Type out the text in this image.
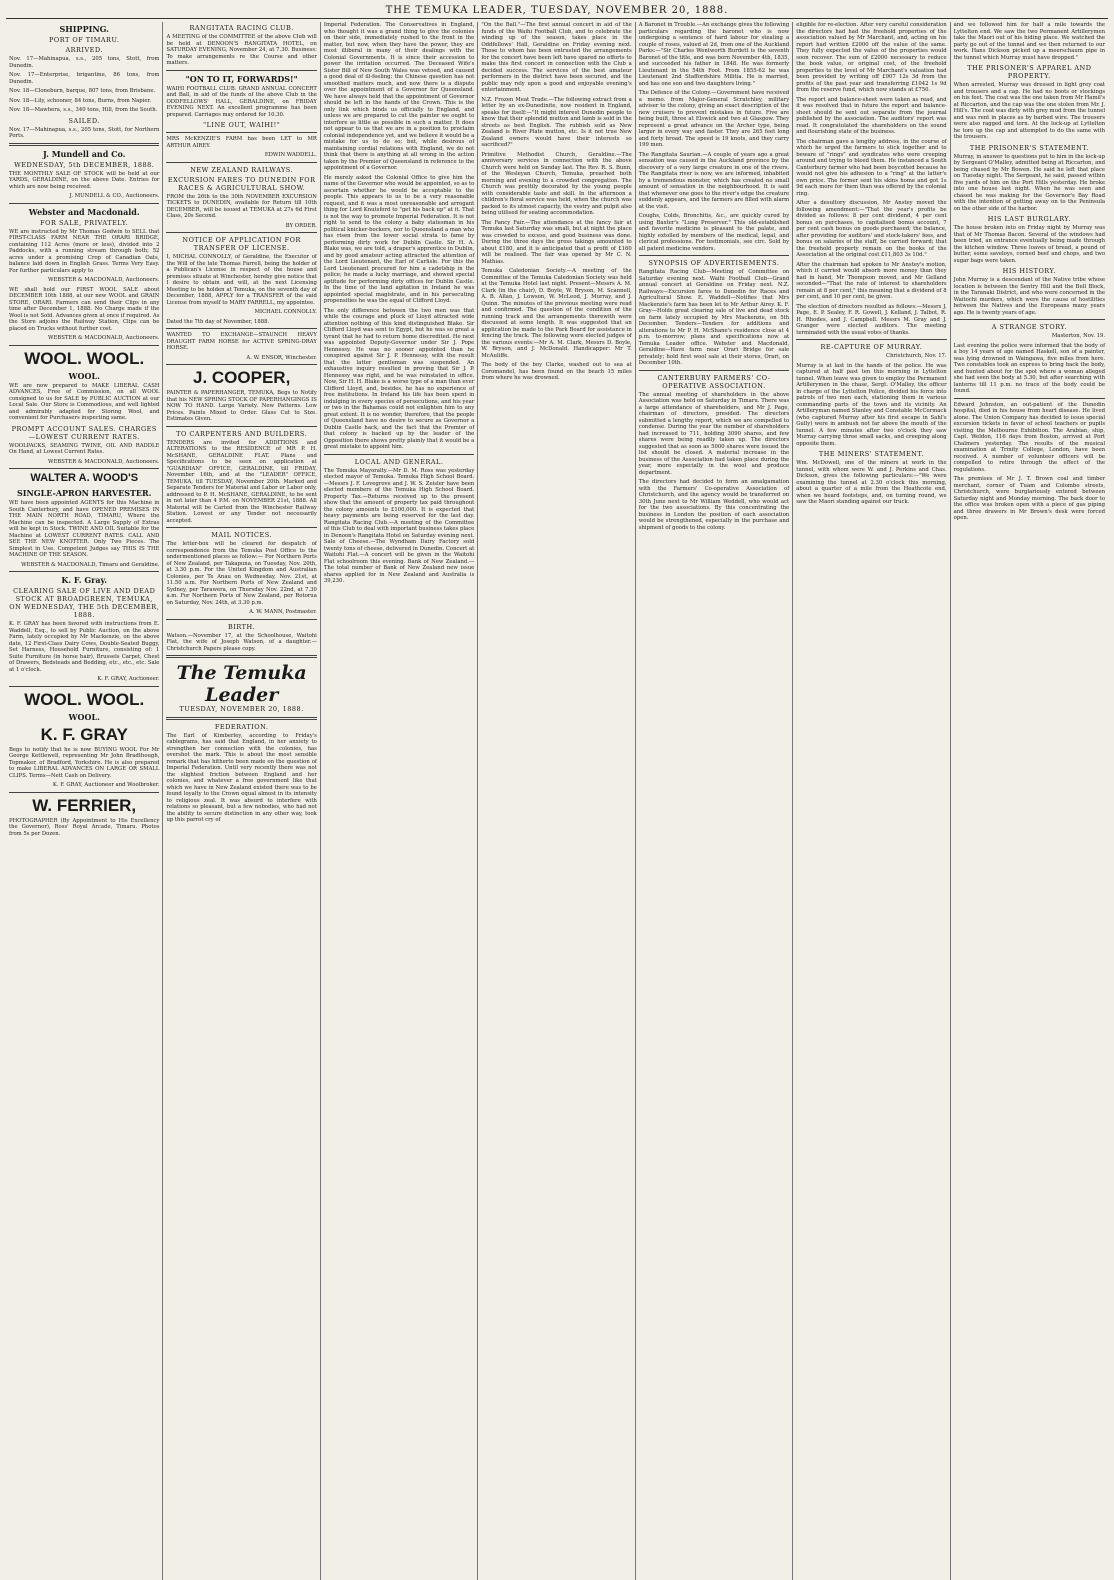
THE TEMUKA LEADER, TUESDAY, NOVEMBER 20, 1888.
SHIPPING.
PORT OF TIMARU.
ARRIVED.
Nov. 17—Mahinapua, s.s., 205 tons, Stott, from Dunedin.
Nov. 17—Enterprise, brigantine, 86 tons, from Dunedin.
Nov. 18—Cloneburn, barque, 807 tons, from Brisbane.
Nov. 18—Lily, schooner, 84 tons, Burns, from Napier.
Nov. 18—Mawhera, s.s., 340 tons, Hill, from the South.
SAILED.
Nov. 17—Mahinapua, s.s., 205 tons, Stott, for Northern Ports.
J. Mundell and Co.
WEDNESDAY, 5th DECEMBER, 1888.
THE MONTHLY SALE OF STOCK will be held at our YARDS, GERALDINE, on the above Date. Entries for which are now being received.
J. MUNDELL & CO., Auctioneers.
Webster and Macdonald.
FOR SALE, PRIVATELY.
WE are instructed by Mr Thomas Godwin to SELL that FIRST-CLASS FARM NEAR THE ORARI BRIDGE, containing 112 Acres (more or less), divided into 2 Paddocks, with a running stream through both; 52 acres under a promising Crop of Canadian Oats, balance laid down in English Grass. Terms Very Easy. For further particulars apply to
WEBSTER & MACDONALD, Auctioneers.
WE shall hold our FIRST WOOL SALE about DECEMBER 10th 1888, at our new WOOL and GRAIN STORE, ORARI. Farmers can send their Clips in any time after December 1, 1888. No Charge made if the Wool is not Sold. Advances given at once if required. As the Store adjoins the Railway Station, Clips can be placed on Trucks without further cost.
WEBSTER & MACDONALD, Auctioneers.
WOOL. WOOL.
WOOL.
WE are now prepared to MAKE LIBERAL CASH ADVANCES, Free of Commission, on all WOOL consigned to us for SALE by PUBLIC AUCTION at our Local Sale. Our Store is Commodious, and well lighted and admirably adapted for Storing Wool, and convenient for Purchasers inspecting same.
PROMPT ACCOUNT SALES. CHARGES—LOWEST CURRENT RATES.
WOOLPACKS, SEAMING TWINE, OIL AND RADDLE On Hand, at Lowest Current Rates.
WEBSTER & MACDONALD, Auctioneers.
WALTER A. WOOD'S
SINGLE-APRON HARVESTER.
WE have been appointed AGENTS for this Machine in South Canterbury, and have OPENED PREMISES IN THE MAIN NORTH ROAD, TIMARU, Where the Machine can be inspected. A Large Supply of Extras will be kept in Stock. TWINE AND OIL Suitable for the Machine at LOWEST CURRENT RATES. CALL AND SEE THE NEW KNOTTER. Only Two Pieces. The Simplest in Use. Competent Judges say THIS IS THE MACHINE OF THE SEASON.
WEBSTER & MACDONALD, Timaru and Geraldine.
K. F. Gray.
CLEARING SALE OF LIVE AND DEAD STOCK AT BROADGREEN, TEMUKA, ON WEDNESDAY, THE 5th DECEMBER, 1888.
K. F. GRAY has been favored with instructions from E. Waddell, Esq., to sell by Public Auction, on the above Farm, lately occupied by Mr Mackenzie, on the above date, 12 First-Class Dairy Cows, Double-Seated Buggy, Set Harness, Household Furniture, consisting of: 1 Suite Furniture (in horse hair), Brussels Carpet, Chest of Drawers, Bedsteads and Bedding, etc., etc., etc. Sale at 1 o'clock.
K. F. GRAY, Auctioneer.
WOOL. WOOL.
WOOL.
K. F. GRAY
Begs to notify that he is now BUYING WOOL For Mr George Kettlewell, representing Mr John Bradthough, Topmaker, of Bradford, Yorkshire. He is also prepared to make LIBERAL ADVANCES ON LARGE OR SMALL CLIPS. Terms—Nett Cash on Delivery.
K. F. GRAY, Auctioneer and Woolbroker.
W. FERRIER,
PHOTOGRAPHER (By Appointment to His Excellency the Governor), Ross' Royal Arcade, Timaru. Photos from 5s per Dozen.
RANGITATA RACING CLUB.
A MEETING of the COMMITTEE of the above Club will be held at DENOON'S RANGITATA HOTEL, on SATURDAY EVENING, November 24, at 7.30. Business: To make arrangements re the Course and other matters.
"ON TO IT, FORWARDS!"
WAIHI FOOTBALL CLUB. GRAND ANNUAL CONCERT and Ball, in aid of the funds of the above Club in the ODDFELLOWS' HALL, GERALDINE, on FRIDAY EVENING NEXT. An excellent programme has been prepared. Carriages may ordered for 10.30.
"LINE OUT, WAIHI!"
MRS McKENZIE'S FARM has been LET to MR ARTHUR AIREY.
EDWIN WADDELL.
NEW ZEALAND RAILWAYS.
EXCURSION FARES TO DUNEDIN FOR RACES & AGRICULTURAL SHOW.
FROM the 26th to the 30th NOVEMBER EXCURSION TICKETS to DUNEDIN, available for Return till 10th DECEMBER, will be issued at TEMUKA at 27s 6d First Class, 20s Second.
BY ORDER.
NOTICE OF APPLICATION FOR TRANSFER OF LICENSE.
I, MICHAL CONNOLLY, of Geraldine, the Executor of the Will of the late Thomas Farrell, being the holder of a Publican's License in respect of the house and premises situate at Winchester, hereby give notice that I desire to obtain and will, at the next Licensing Meeting to be holden at Temuka, on the seventh day of December, 1888, APPLY for a TRANSFER of the said License from myself to MARY FARRELL, my appointee.
MICHAEL CONNOLLY.
Dated the 7th day of November, 1888.
WANTED TO EXCHANGE—STAUNCH HEAVY DRAUGHT FARM HORSE for ACTIVE SPRING-DRAY HORSE.
A. W. ENSOR, Winchester.
J. COOPER,
PAINTER & PAPERHANGER, TEMUKA, Begs to Notify that his NEW SPRING STOCK OF PAPERHANGINGS IS NOW TO HAND. Large Variety. New Patterns. Low Prices. Paints Mixed to Order. Glass Cut to Size. Estimates Given.
TO CARPENTERS AND BUILDERS.
TENDERS are invited for ADDITIONS and ALTERATIONS to the RESIDENCE of MR P. H. McSHANE, GERALDINE FLAT. Plans and Specifications to be seen on application at "GUARDIAN" OFFICE, GERALDINE, till FRIDAY, November 16th, and at the "LEADER" OFFICE, TEMUKA, till TUESDAY, November 20th. Marked and Separate Tenders for Material and Labor or Labor only, addressed to P. H. McSHANE, GERALDINE, to be sent in not later than 4 P.M. on NOVEMBER 21st, 1888. All Material will be Carted from the Winchester Railway Station. Lowest or any Tender not necessarily accepted.
MAIL NOTICES.
The letter-box will be cleared for despatch of correspondence from the Temuka Post Office to the undermentioned places as follow:— For Northern Ports of New Zealand, per Takapuna, on Tuesday, Nov. 20th, at 3.30 p.m. For the United Kingdom and Australian Colonies, per Te Anau on Wednesday, Nov. 21st, at 11.50 a.m. For Northern Ports of New Zealand and Sydney, per Tarawera, on Thursday Nov. 22nd, at 7.30 a.m. For Northern Ports of New Zealand, per Rotorua on Saturday, Nov. 24th, at 3.30 p.m.
A. W. MANN, Postmaster.
BIRTH.
Watson.—November 17, at the Schoolhouse, Waitohi Flat, the wife of Joseph Watson, of a daughter.—Christchurch Papers please copy.
The Temuka Leader
TUESDAY, NOVEMBER 20, 1888.
FEDERATION.
The Earl of Kimberley, according to Friday's cablegrams, has said that England, in her anxiety to strengthen her connection with the colonies, has overshot the mark. This is about the most sensible remark that has hitherto been made on the question of Imperial Federation. Until very recently there was not the slightest friction between England and her colonies, and whatever a free government like that which we have in New Zealand existed there was to be found loyalty to the Crown equal almost in its intensity to religious zeal. It was absurd to interfere with relations so pleasant, but a few nobodies, who had not the ability to secure distinction in any other way, took up this parrot cry of
Imperial Federation. The Conservatives in England, who thought it was a grand thing to give the colonies on their side, immediately rushed to the front in the matter, but now, when they have the power, they are most illiberal in many of their dealings with the Colonial Governments. It is since their accession to power the irritation occurred. The Deceased Wife's Sister Bill of New South Wales was vetoed, and caused a good deal of ill-feeling; the Chinese question has not smoothed matters much, and now there is a dispute over the appointment of a Governor for Queensland. We have always held that the appointment of Governor should be left in the hands of the Crown. This is the only link which binds us officially to England, and unless we are prepared to cut the painter we ought to interfere as little as possible in such a matter. It does not appear to us that we are in a position to proclaim colonial independence yet, and we believe it would be a mistake for us to do so; but, while desirous of maintaining cordial relations with England, we do not think that there is anything at all wrong in the action taken by the Premier of Queensland in reference to the appointment of a Governor.
He merely asked the Colonial Office to give him the name of the Governor who would be appointed, so as to ascertain whether he would be acceptable to the people. This appears to us to be a very reasonable request, and it was a most unreasonable and arrogant thing for Lord Knutsford to "get his back up" at it. That is not the way to promote Imperial Federation. It is not right to send to the colony a baby statesman in his political knicker-bockers, nor to Queensland a man who has risen from the lower social strata to fame by performing dirty work for Dublin Castle. Sir H. A. Blake was, we are told, a draper's apprentice in Dublin, and by good amateur acting attracted the attention of the Lord Lieutenant, the Earl of Carlisle. For this the Lord Lieutenant procured for him a cadetship in the police; he made a lucky marriage, and showed special aptitude for performing dirty offices for Dublin Castle. In the time of the land agitation in Ireland he was appointed special magistrate, and in his persecuting propensities he was the equal of Clifford Lloyd.
The only difference between the two men was that while the courage and pluck of Lloyd attracted wide attention nothing of this kind distinguished Blake. Sir Clifford Lloyd was sent to Egypt, but he was so great a tyrant that he had to return home discredited. He next was appointed Deputy-Governor under Sir J. Pope Hennessy. He was no sooner appointed than he conspired against Sir J. P. Hennessy, with the result that the latter gentleman was suspended. An exhaustive inquiry resulted in proving that Sir J. P. Hennessy was right, and he was reinstated in office. Now, Sir H. H. Blake is a worse type of a man than ever Clifford Lloyd, and, besides, he has no experience of free institutions. In Ireland his life has been spent in indulging in every species of persecutions, and his year or two in the Bahamas could not enlighten him to any great extent. It is no wonder, therefore, that the people of Queensland have no desire to secure as Governor a Dublin Castle hack, and the fact that the Premier of that colony is backed up by the leader of the Opposition there shows pretty plainly that it would be a great mistake to appoint him.
LOCAL AND GENERAL.
The Temuka Mayoralty.—Mr D. M. Ross was yesterday elected mayor of Temuka. Temuka High School Board.—Messrs J. F. Lovegrove and J. W. S. Zeisler have been elected members of the Temuka High School Board. Property Tax.—Returns received up to the present show that the amount of property tax paid throughout the colony amounts to £100,000. It is expected that heavy payments are being reserved for the last day. Rangitata Racing Club.—A meeting of the Committee of this Club to deal with important business takes place in Denoon's Rangitata Hotel on Saturday evening next. Sale of Cheese.—The Wyndham Dairy Factory sold twenty tons of cheese, delivered in Dunedin. Concert at Waitohi Flat.—A concert will be given in the Waitohi Flat schoolroom this evening. Bank of New Zealand.—The total number of Bank of New Zealand new issue shares applied for in New Zealand and Australia is 39,230.
"On the Ball."—The first annual concert in aid of the funds of the Waihi Football Club, and to celebrate the winding up of the season, takes place in the Oddfellows' Hall, Geraldine on Friday evening next. Those to whom has been entrusted the arrangements for the concert have been left have spared no efforts to make this first concert in connection with the Club a decided success. The services of the best amateur performers in the district have been secured, and the public may rely upon a good and enjoyable evening's entertainment.
N.Z. Frozen Meat Trade.—The following extract from a letter by an ex-Dunedinite, now resident in England, speaks for itself:—"It might interest Dunedin people to know that their splendid mutton and lamb is sold in the streets as best English. The rubbish sold as New Zealand is River Plate mutton, etc. Is it not true New Zealand owners would have their interests so sacrificed?"
Primitive Methodist Church, Geraldine.—The anniversary services in connection with the above Church were held on Sunday last. The Rev. R. S. Bunn, of the Wesleyan Church, Temuka, preached both morning and evening to a crowded congregation. The Church was prettily decorated by the young people with considerable taste and skill. In the afternoon a children's floral service was held, when the church was packed to its utmost capacity, the vestry and pulpit also being utilised for seating accommodation.
The Fancy Fair.—The attendance at the fancy fair at Temuka last Saturday was small, but at night the place was crowded to excess, and good business was done. During the three days the gross takings amounted to about £180, and it is anticipated that a profit of £160 will be realised. The fair was opened by Mr C. N. Mathias.
Temuka Caledonian Society.—A meeting of the Committee of the Temuka Caledonian Society was held at the Temuka Hotel last night. Present—Messrs A. M. Clark (in the chair), D. Boyle, W. Bryson, M. Scannell, A. B. Allan, J. Lowson, W. McLeod, J. Murray, and J. Quinn. The minutes of the previous meeting were read and confirmed. The question of the condition of the running track and the arrangements therewith were discussed at some length. It was suggested that an application be made to the Park Board for assistance in fencing the track. The following were elected judges of the various events:—Mr A. M. Clark, Messrs D. Boyle, W. Bryson, and J. McDonald. Handicapper: Mr T. McAuliffe.
The body of the boy Clarke, washed out to sea at Coromandel, has been found on the beach 15 miles from where he was drowned.
A Baronet in Trouble.—An exchange gives the following particulars regarding the baronet who is now undergoing a sentence of hard labour for stealing a couple of roses, valued at 2d, from one of the Auckland Parks:—"Sir Charles Wentworth Burdett is the seventh Baronet of the title, and was born November 4th, 1835, and succeeded his father in 1848. He was formerly Lieutenant in the 54th Foot. From 1855-62 he was Lieutenant 2nd Staffordshire Militia. He is married, and has one son and two daughters living."
The Defence of the Colony.—Government have received a memo. from Major-General Scratchley, military adviser to the colony, giving an exact description of the new cruisers to prevent mistakes in future. Five are being built, three at Elswick and two at Glasgow. They represent a great advance on the Archer type, being larger in every way and faster. They are 265 feet long and forty broad. The speed is 19 knots, and they carry 199 men.
The Rangitata Saurian.—A couple of years ago a great sensation was caused in the Auckland province by the discovery of a very large creature in one of the rivers. The Rangitata river is now, we are informed, inhabited by a tremendous monster, which has created no small amount of sensation in the neighbourhood. It is said that whenever one goes to the river's edge the creature suddenly appears, and the farmers are filled with alarm at the visit.
Coughs, Colds, Bronchitis, &c., are quickly cured by using Baxter's "Lung Preserver." This old-established and favorite medicine is pleasant to the palate, and highly extolled by members of the medical, legal, and clerical professions. For testimonials, see circ. Sold by all patent medicine vendors.
SYNOPSIS OF ADVERTISEMENTS.
Rangitata Racing Club—Meeting of Committee on Saturday evening next. Waihi Football Club—Grand annual concert at Geraldine on Friday next. N.Z. Railways—Excursion fares to Dunedin for Races and Agricultural Show. E. Waddell—Notifies that Mrs Mackenzie's farm has been let to Mr Arthur Airey. K. F. Gray—Holds great clearing sale of live and dead stock on farm lately occupied by Mrs Mackenzie, on 5th December. Tenders—Tenders for additions and alterations to Mr P. H. McShane's residence close at 4 p.m. to-morrow; plans and specifications now at Temuka Leader office. Webster and Macdonald, Geraldine—Have farm near Orari Bridge for sale privately; hold first wool sale at their stores, Orari, on December 10th.
CANTERBURY FARMERS' CO-OPERATIVE ASSOCIATION.
The annual meeting of shareholders in the above Association was held on Saturday in Timaru. There was a large attendance of shareholders, and Mr J. Page, chairman of directors, presided. The directors submitted a lengthy report, which we are compelled to condense. During the year the number of shareholders had increased to 711, holding 3090 shares, and few shares were being readily taken up. The directors suggested that as soon as 5000 shares were issued the list should be closed. A material increase in the business of the Association had taken place during the year, more especially in the wool and produce department.
The directors had decided to form an amalgamation with the Farmers' Co-operative Association of Christchurch, and the agency would be transferred on 30th June next to Mr William Weddell, who would act for the two associations. By this concentrating the business in London the position of each association would be strengthened, especially in the purchase and shipment of goods to the colony.
eligible for re-election. After very careful consideration the directors had had the freehold properties of the association valued by Mr Marchant, and, acting on his report had written £2000 off the value of the same. They fully expected the value of the properties would soon recover. The sum of £2000 necessary to reduce the book value, or original cost, of the freehold properties to the level of Mr Marchant's valuation had been provided by writing off £907 12s 3d from the profits of the past year and transferring £1042 1s 9d from the reserve fund, which now stands at £750.
The report and balance-sheet were taken as read, and it was resolved that in future the report and balance-sheet should be sent out separate from the journal published by the association. The auditors' report was read. It congratulated the shareholders on the sound and flourishing state of the business.
The chairman gave a lengthy address, in the course of which he urged the farmers to stick together and to beware of "rings" and syndicates who were creeping around and trying to bleed them. He instanced a South Canterbury farmer who had been boycotted because he would not give his adhesion to a "ring" at the latter's own price. The former sent his skins home and got 1s 9d each more for them than was offered by the colonial ring.
After a desultory discussion, Mr Anstey moved the following amendment:—"That the year's profits be divided as follows: 8 per cent dividend, 4 per cent bonus on purchases, to capitalised bonus account, 7 per cent cash bonus on goods purchased; the balance, after providing for auditors' and stock-takers' fees, and bonus on salaries of the staff, be carried forward; that the freehold property remain on the books of the Association at the original cost £11,803 3s 10d."
After the chairman had spoken to Mr Anstey's motion, which if carried would absorb more money than they had in hand, Mr Thompson moved, and Mr Gelland seconded—"That the rate of interest to shareholders remain at 8 per cent," this meaning that a dividend of 8 per cent, and 10 per cent, be given.
The election of directors resulted as follows:—Messrs J. Page, E. P. Sealey, F. R. Gowell, J. Kelland, J. Talbot, R. H. Rhodes, and J. Campbell. Messrs M. Gray and J. Granger were elected auditors. The meeting terminated with the usual votes of thanks.
RE-CAPTURE OF MURRAY.
Christchurch, Nov. 17.
Murray is at last in the hands of the police. He was captured at half past ten this morning in Lyttelton tunnel. When leave was given to employ the Permanent Artillerymen in the chase, Sergt. O'Malley, the officer in charge of the Lyttelton Police, divided his force into patrols of two men each, stationing them in various commanding parts of the town and its vicinity. An Artilleryman named Stanley and Constable McCormack (who captured Murray after his first escape in Sahl's Gully) were in ambush not far above the mouth of the tunnel. A few minutes after two o'clock they saw Murray carrying three small sacks, and creeping along opposite them.
THE MINERS' STATEMENT.
Wm. McDowell, one of the miners at work in the tunnel, with whom were W. and J. Perkins and Chas. Dickson, gives the following particulars:—"We were examining the tunnel at 2.30 o'clock this morning, about a quarter of a mile from the Heathcote end, when we heard footsteps, and, on turning round, we saw the Maori standing against our truck.
and we followed him for half a mile towards the Lyttelton end. We saw the two Permanent Artillerymen take the Maori out of his hiding place. We watched the party go out of the tunnel and we then returned to our work. Hans Dickson picked up a meerschaum pipe in the tunnel which Murray must have dropped."
THE PRISONER'S APPAREL AND PROPERTY.
When arrested, Murray was dressed in light grey coat and trousers and a cap. He had no boots or stockings on his feet. The coat was the one taken from Mr Hamil's at Riccarton, and the cap was the one stolen from Mr. J. Hill's. The coat was dirty with grey mud from the tunnel and was rent in places as by barbed wire. The trousers were also ragged and torn. At the lock-up at Lyttelton he tore up the cap and attempted to do the same with the trousers.
THE PRISONER'S STATEMENT.
Murray, in answer to questions put to him in the lock-up by Sergeant O'Malley, admitted being at Riccarton, and being chased by Mr Bowen. He said he left that place on Tuesday night. The Sergeant, he said, passed within five yards of him on the Port Hills yesterday. He broke into one house last night. When he was seen and chased he was making for the Governor's Bay Road with the intention of getting away on to the Peninsula on the other side of the harbor.
HIS LAST BURGLARY.
The house broken into on Friday night by Murray was that of Mr Thomas Bacon. Several of the windows had been tried, an entrance eventually being made through the kitchen window. Three loaves of bread, a pound of butter, some saveloys, corned beef and chops, and two sugar bags were taken.
HIS HISTORY.
John Murray is a descendant of the Native tribe whose location is between the Sentry Hill and the Bell Block, in the Taranaki District, and who were concerned in the Waitochi murders, which were the cause of hostilities between the Natives and the Europeans many years ago. He is twenty years of age.
A STRANGE STORY.
Masterton, Nov. 19.
Last evening the police were informed that the body of a boy 14 years of age named Haskell, son of a painter, was lying drowned in Waingawa, five miles from here. Two constables took an express to bring back the body, and hunted about for the spot where a woman alleged she had seen the body at 5.30, but after searching with lanterns till 11 p.m. no trace of the body could be found.
Edward Johnston, an out-patient of the Dunedin hospital, died in his house from heart disease. He lived alone. The Union Company has decided to issue special excursion tickets in favor of school teachers or pupils visiting the Melbourne Exhibition. The Arabian, ship, Capt. Weldon, 116 days from Boston, arrived at Port Chalmers yesterday. The results of the musical examination at Trinity College, London, have been received. A number of volunteer officers will be compelled to retire through the effect of the regulations.
The premises of Mr J. T. Brown coal and timber merchant, corner of Tuam and Colombo streets, Christchurch, were burglariously entered between Saturday night and Monday morning. The back door to the office was broken open with a piece of gas piping and three drawers in Mr Brown's desk were forced open.
